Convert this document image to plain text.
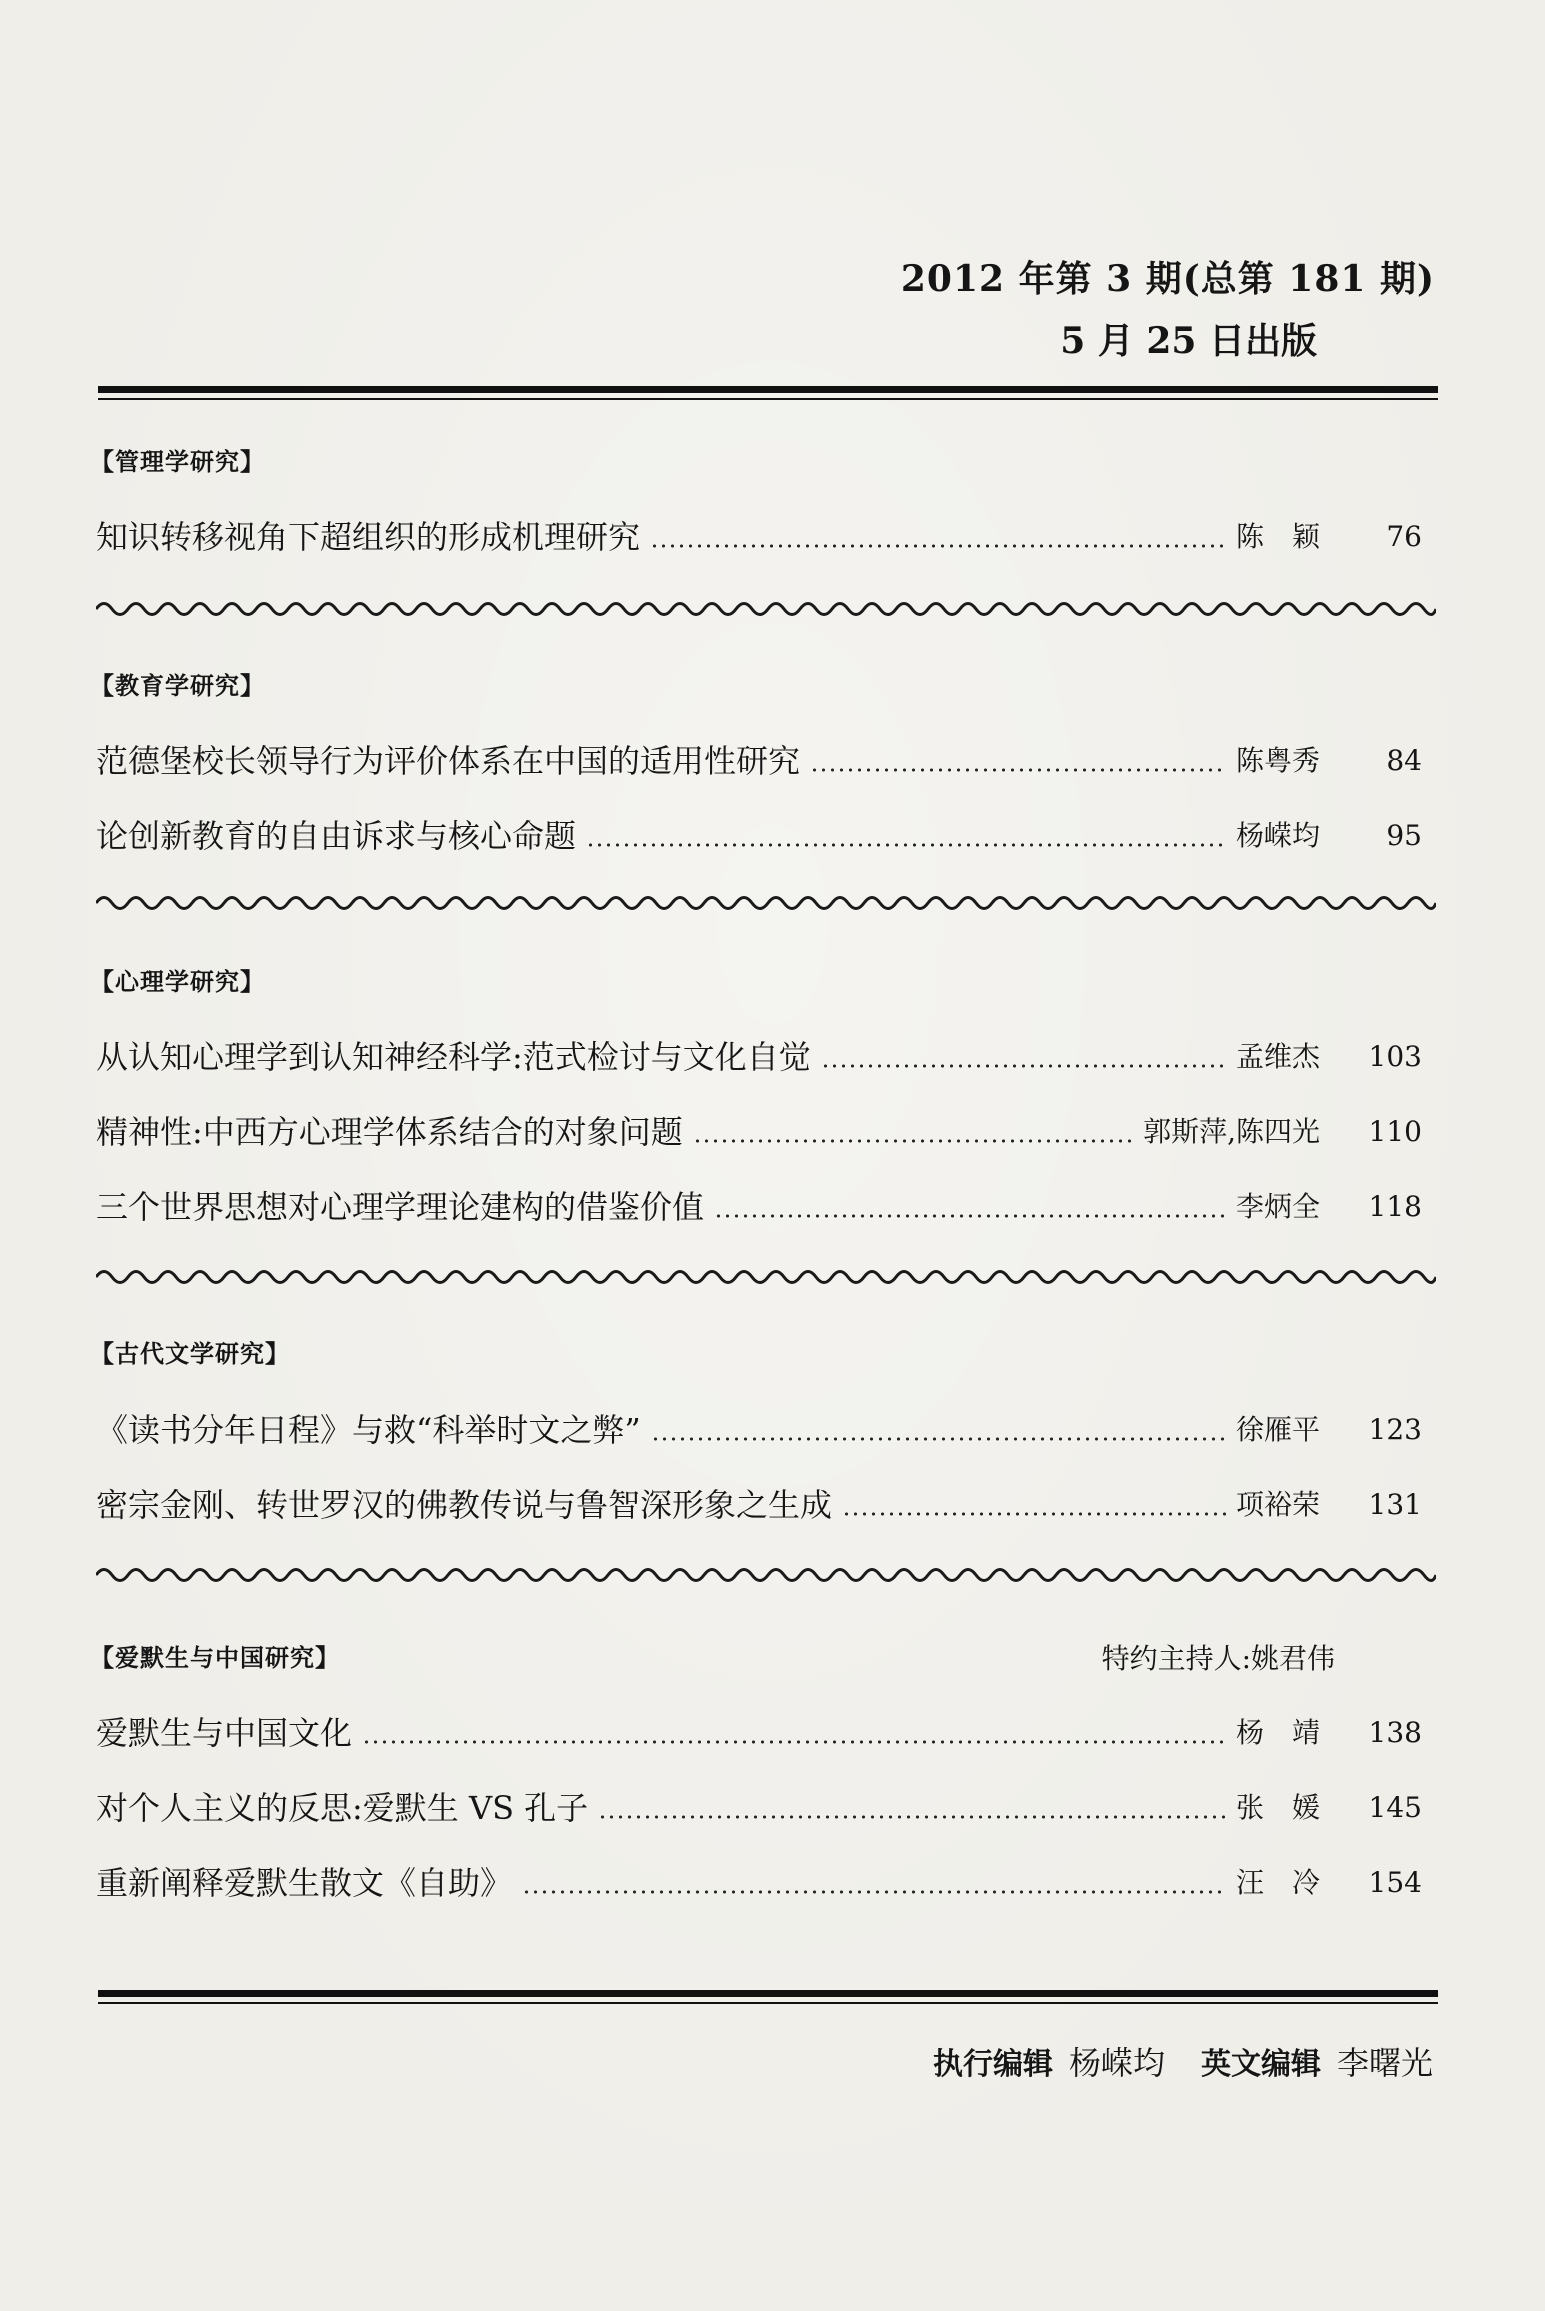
2012 年第 3 期(总第 181 期)
5 月 25 日出版
【管理学研究】
知识转移视角下超组织的形成机理研究	陈　颖	76
【教育学研究】
范德堡校长领导行为评价体系在中国的适用性研究	陈粤秀	84
论创新教育的自由诉求与核心命题	杨嵘均	95
【心理学研究】
从认知心理学到认知神经科学:范式检讨与文化自觉	孟维杰	103
精神性:中西方心理学体系结合的对象问题	郭斯萍,陈四光	110
三个世界思想对心理学理论建构的借鉴价值	李炳全	118
【古代文学研究】
《读书分年日程》与救“科举时文之弊”	徐雁平	123
密宗金刚、转世罗汉的佛教传说与鲁智深形象之生成	项裕荣	131
【爱默生与中国研究】	特约主持人:姚君伟
爱默生与中国文化	杨　靖	138
对个人主义的反思:爱默生 VS 孔子	张　媛	145
重新阐释爱默生散文《自助》	汪　冷	154
执行编辑 杨嵘均 英文编辑 李曙光
